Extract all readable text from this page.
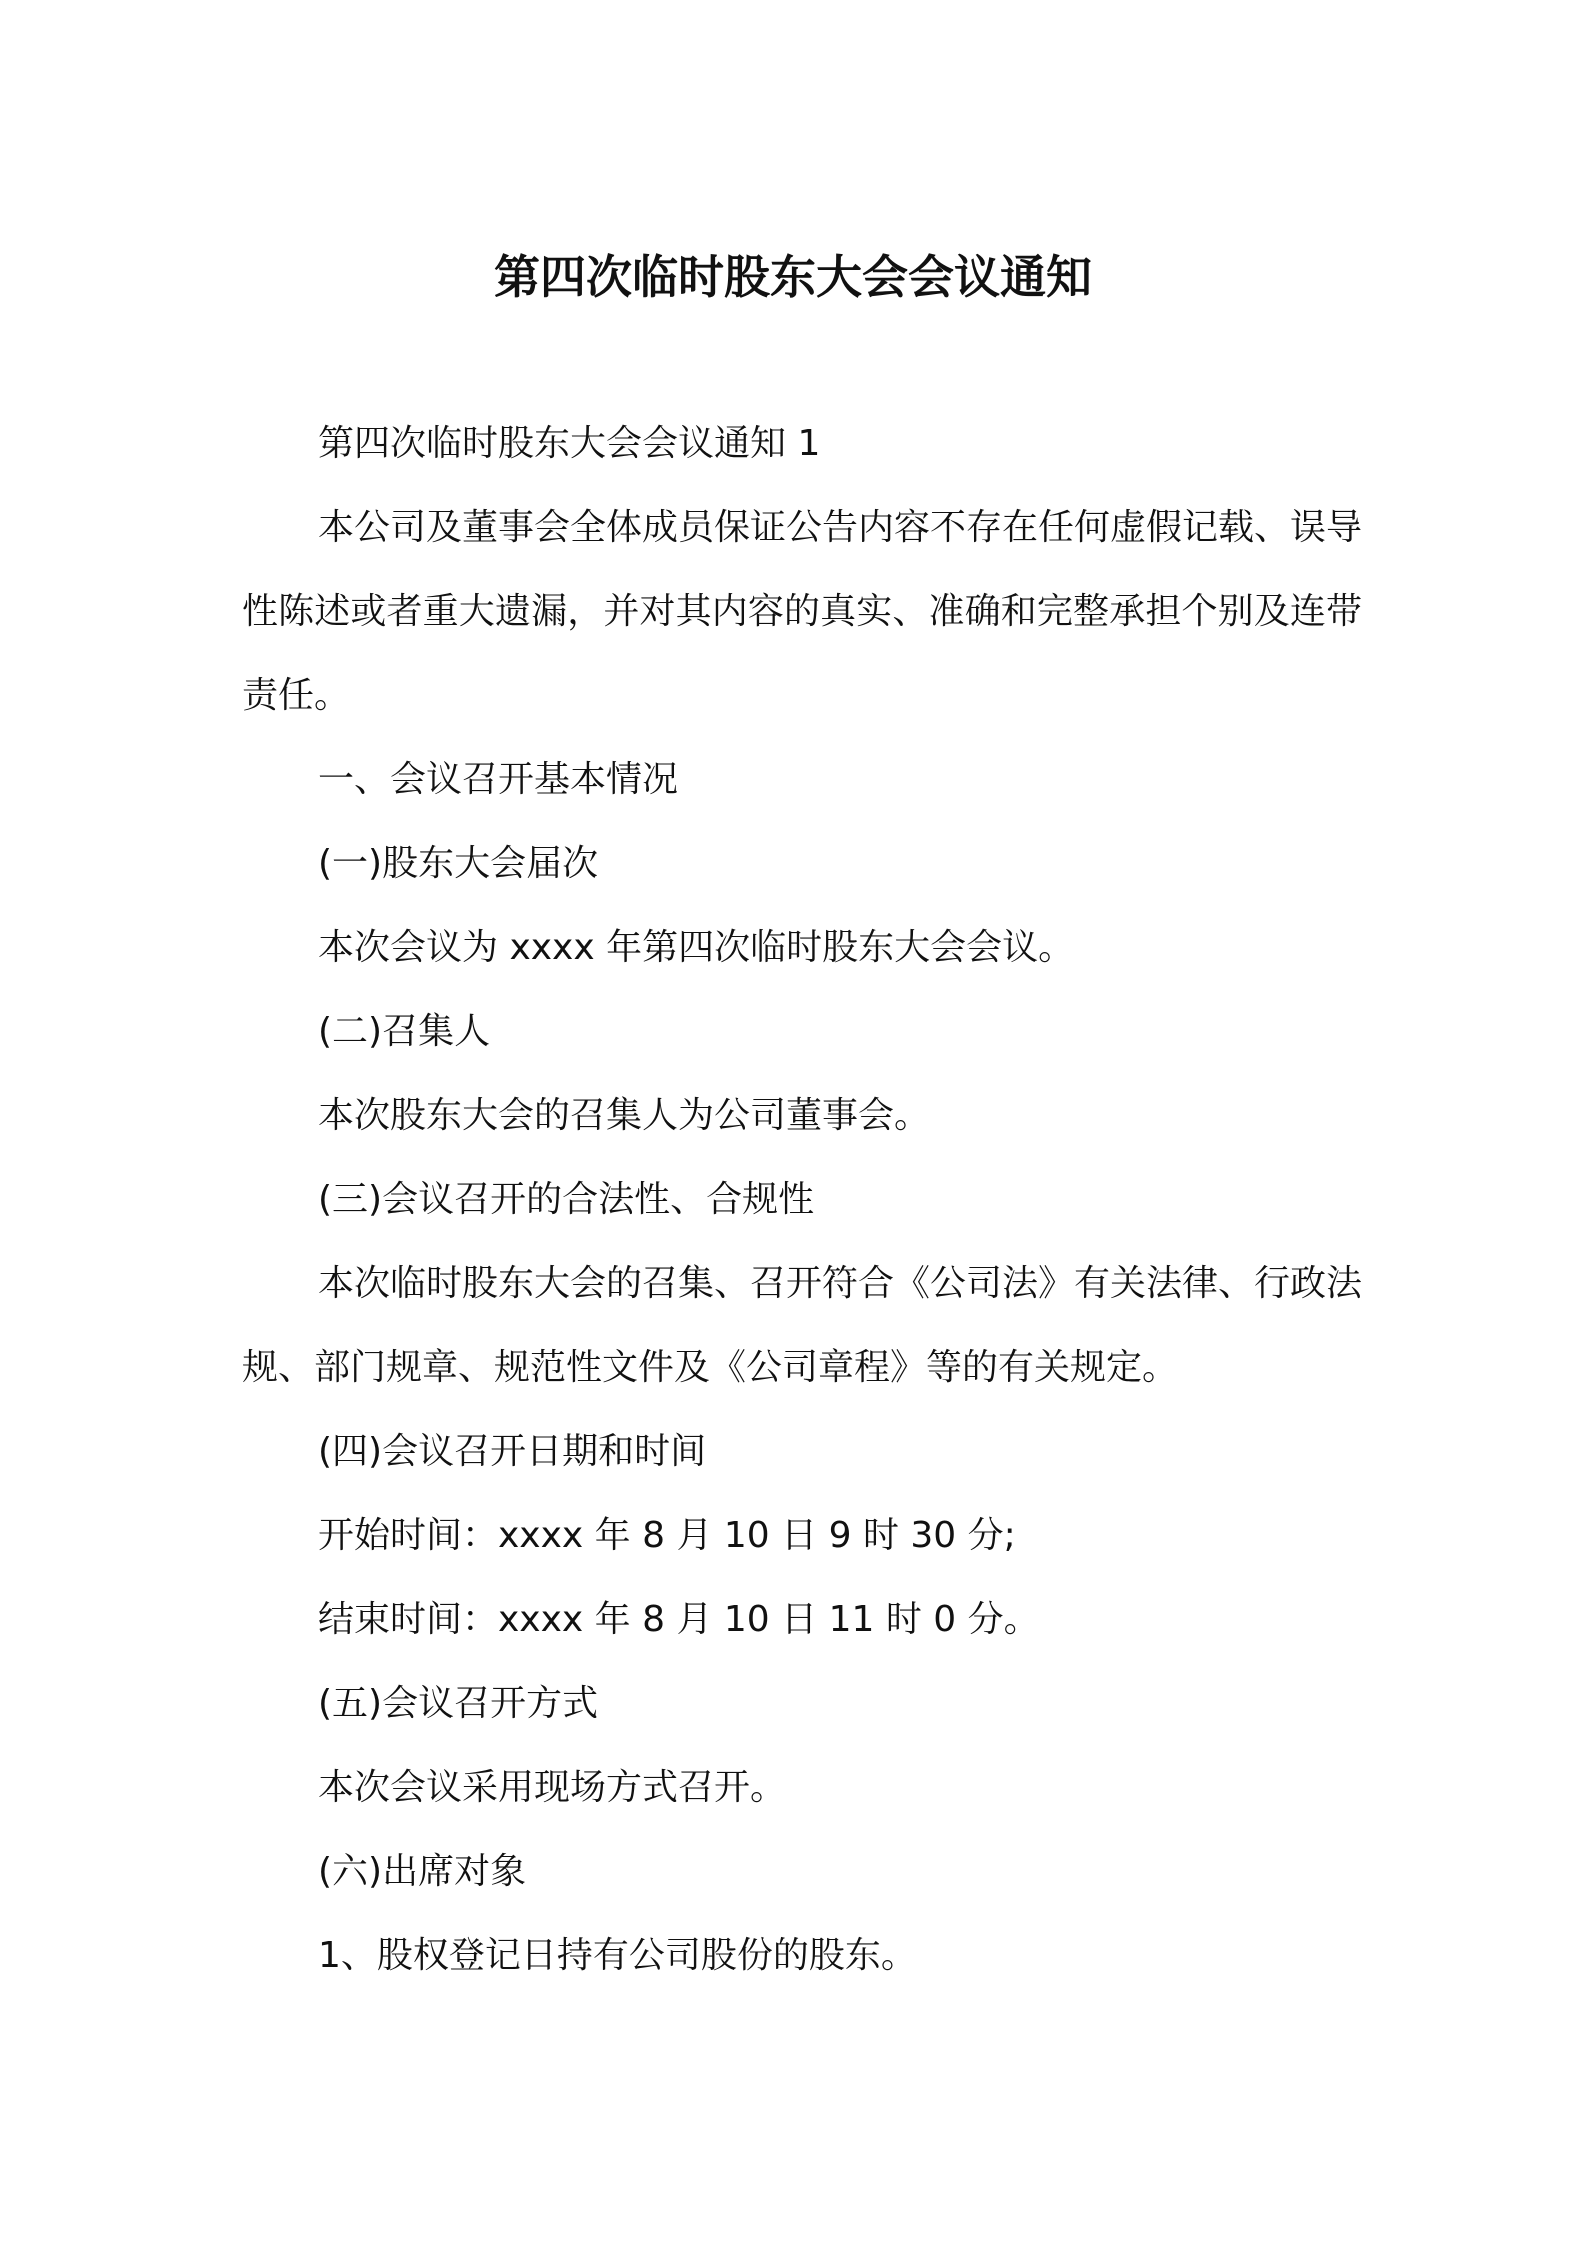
第四次临时股东大会会议通知

第四次临时股东大会会议通知 1

本公司及董事会全体成员保证公告内容不存在任何虚假记载、误导性陈述或者重大遗漏，并对其内容的真实、准确和完整承担个别及连带责任。

一、会议召开基本情况

(一)股东大会届次

本次会议为 xxxx 年第四次临时股东大会会议。

(二)召集人

本次股东大会的召集人为公司董事会。

(三)会议召开的合法性、合规性

本次临时股东大会的召集、召开符合《公司法》有关法律、行政法规、部门规章、规范性文件及《公司章程》等的有关规定。

(四)会议召开日期和时间

开始时间：xxxx 年 8 月 10 日 9 时 30 分;

结束时间：xxxx 年 8 月 10 日 11 时 0 分。

(五)会议召开方式

本次会议采用现场方式召开。

(六)出席对象

1、股权登记日持有公司股份的股东。
